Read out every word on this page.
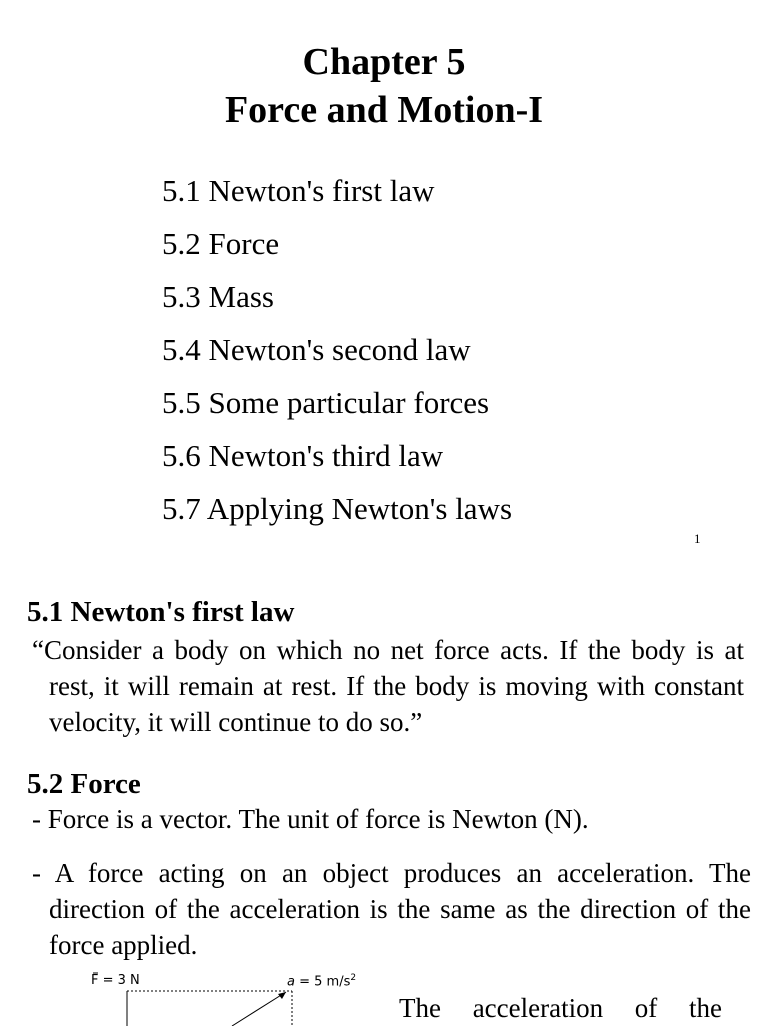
Chapter 5
Force and Motion-I
5.1 Newton's first law
5.2 Force
5.3 Mass
5.4 Newton's second law
5.5 Some particular forces
5.6 Newton's third law
5.7 Applying Newton's laws
1
5.1 Newton's first law

“Consider a body on which no net force acts. If the body is at rest, it will remain at rest. If the body is moving with constant velocity, it will continue to do so.”

5.2 Force

- Force is a vector. The unit of force is Newton (N).

- A force acting on an object produces an acceleration. The direction of the acceleration is the same as the direction of the force applied.

F = 3 N	a = 5 $m/s^2$
The acceleration of the
